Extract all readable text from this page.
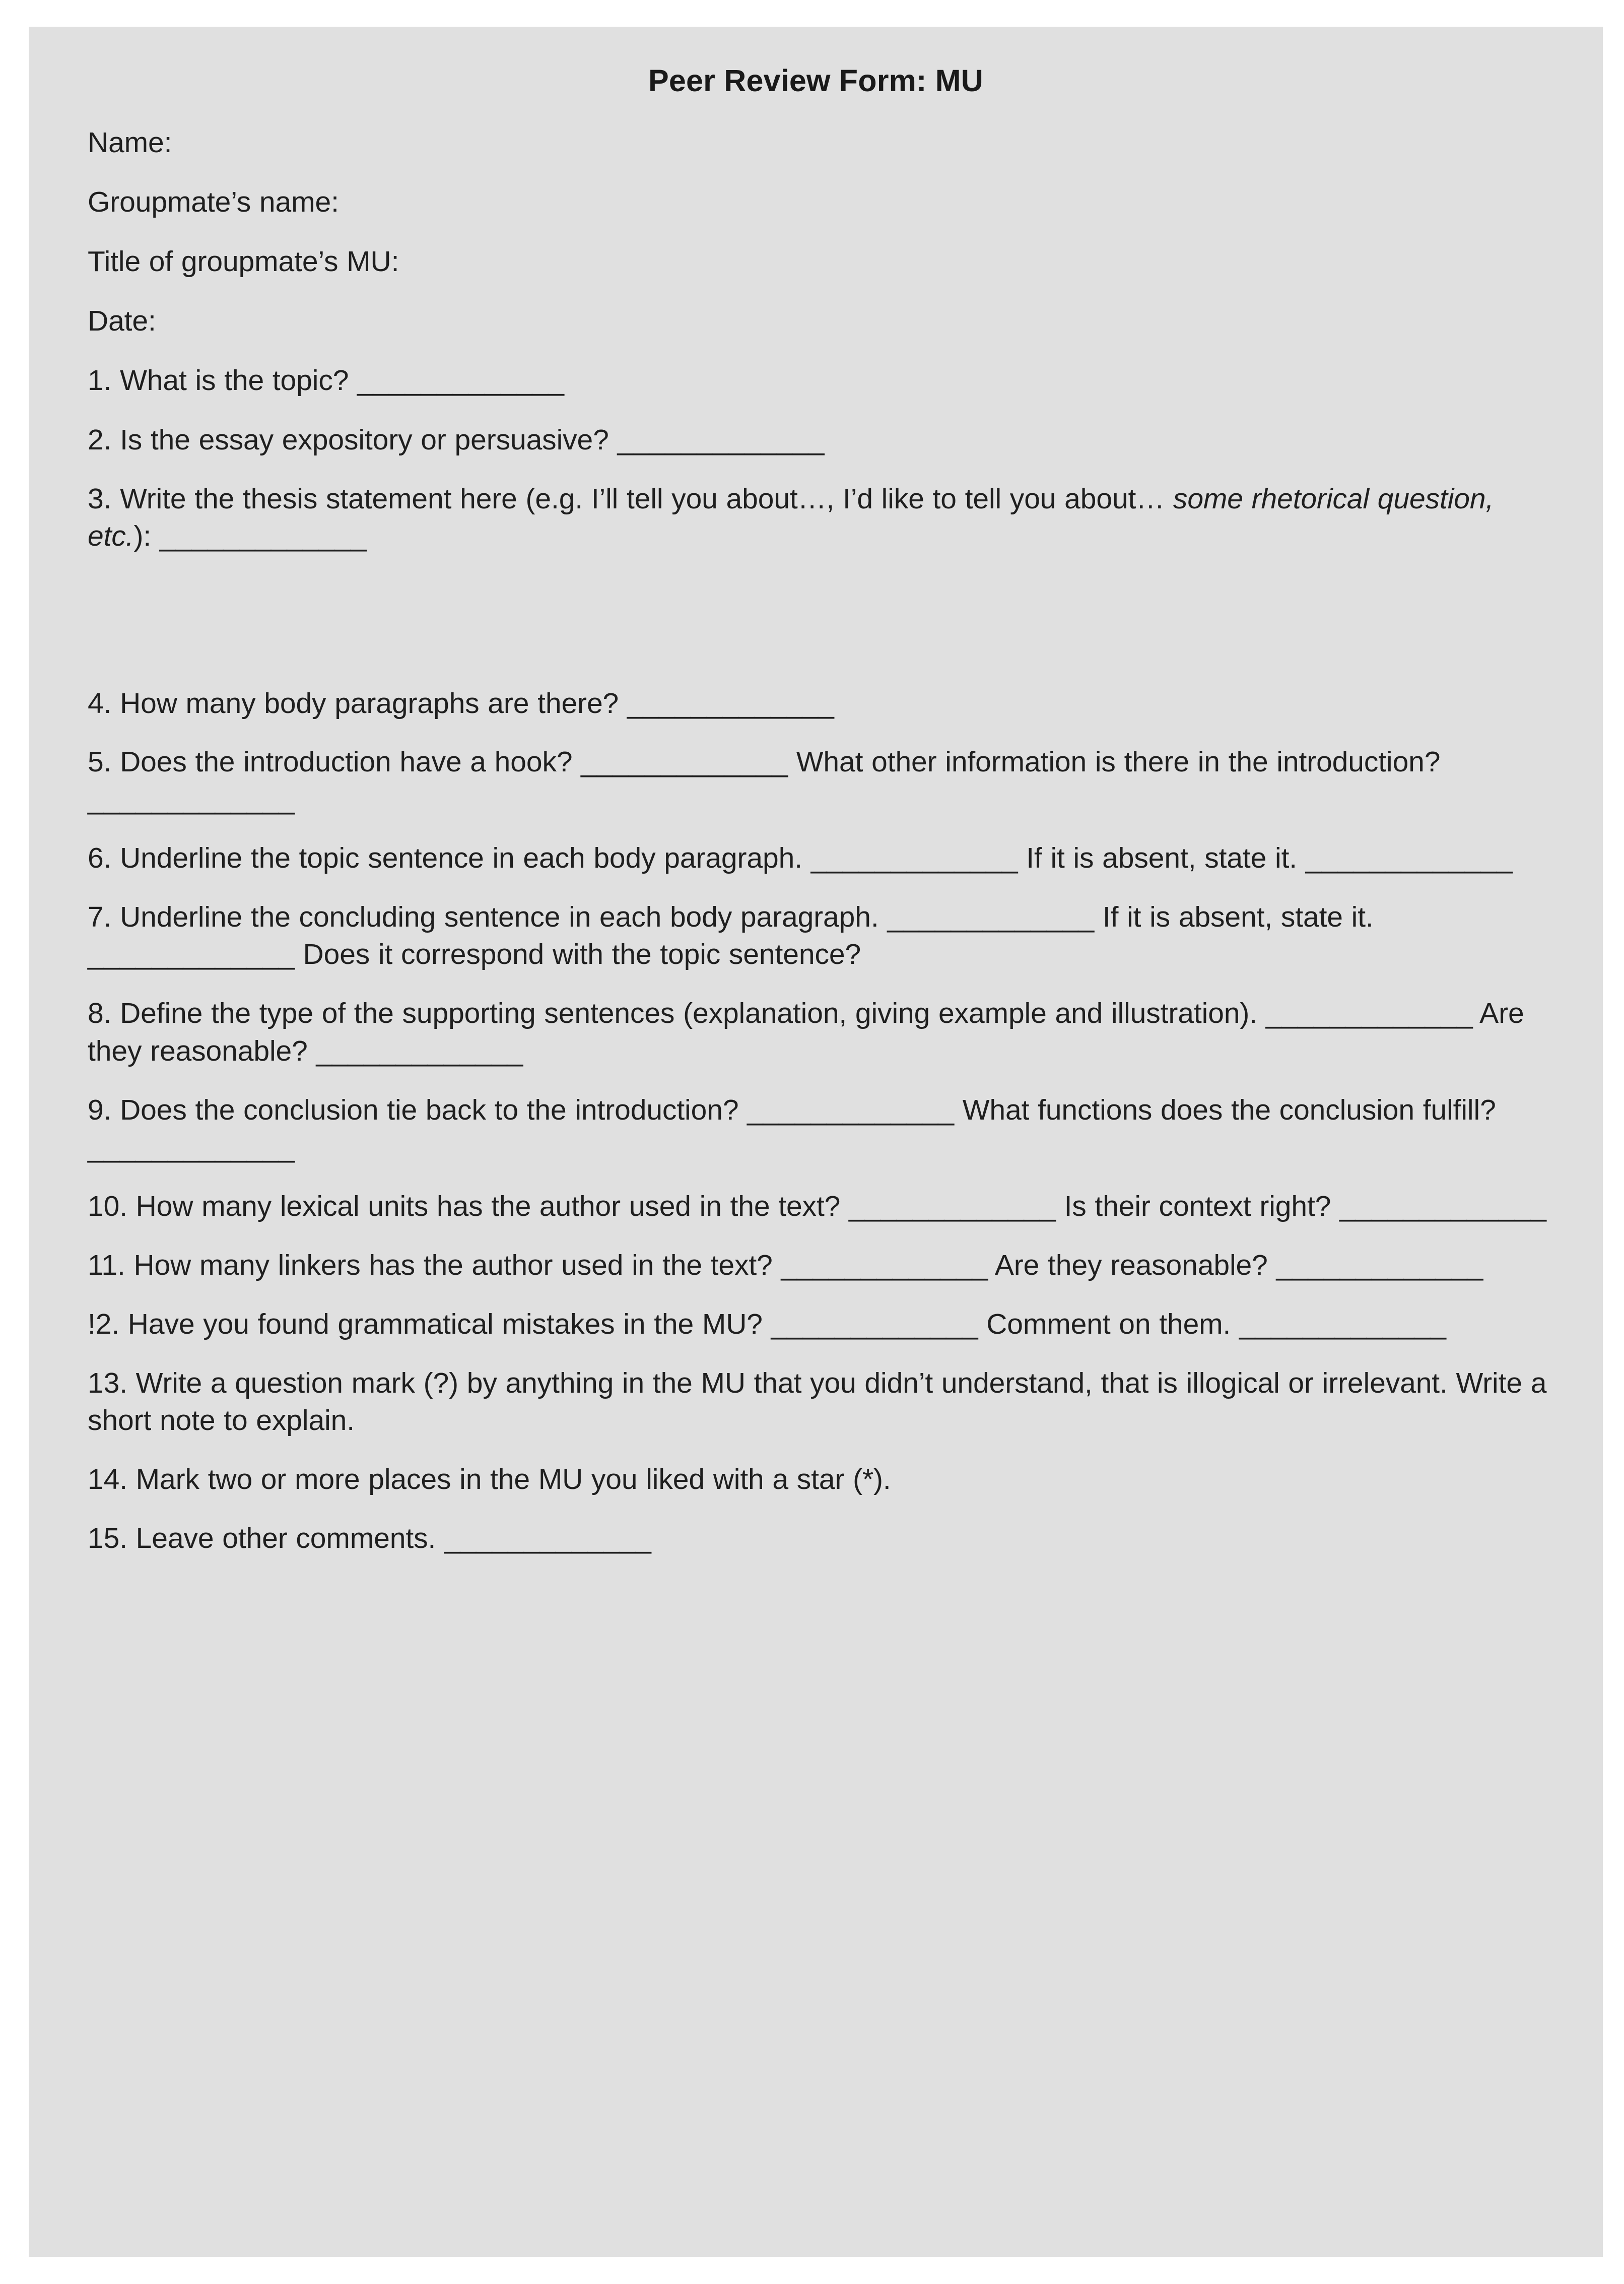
Peer Review Form: MU

Name:

Groupmate’s name:

Title of groupmate’s MU:

Date:

1. What is the topic? _____________

2. Is the essay expository or persuasive? _____________

3. Write the thesis statement here (e.g. I’ll tell you about…, I’d like to tell you about… some rhetorical question, etc.): _____________

4. How many body paragraphs are there? _____________

5. Does the introduction have a hook? _____________ What other information is there in the introduction? _____________

6. Underline the topic sentence in each body paragraph. _____________ If it is absent, state it. _____________

7. Underline the concluding sentence in each body paragraph. _____________ If it is absent, state it. _____________ Does it correspond with the topic sentence?

8. Define the type of the supporting sentences (explanation, giving example and illustration). _____________ Are they reasonable? _____________

9. Does the conclusion tie back to the introduction? _____________ What functions does the conclusion fulfill? _____________

10. How many lexical units has the author used in the text? _____________ Is their context right? _____________

11. How many linkers has the author used in the text? _____________ Are they reasonable? _____________

!2. Have you found grammatical mistakes in the MU? _____________ Comment on them. _____________

13. Write a question mark (?) by anything in the MU that you didn’t understand, that is illogical or irrelevant. Write a short note to explain.

14. Mark two or more places in the MU you liked with a star (*).

15. Leave other comments. _____________
